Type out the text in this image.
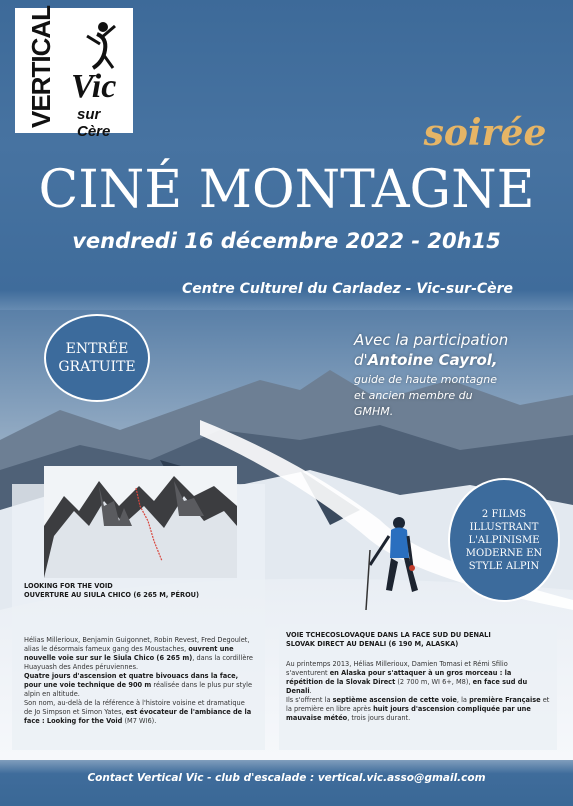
VERTICAL Vic
sur Cère	soirée
CINÉ MONTAGNE
vendredi 16 décembre 2022 - 20h15
Centre Culturel du Carladez - Vic-sur-Cère
ENTRÉE
GRATUITE
Avec la participation
d'Antoine Cayrol,
guide de haute montagne
et ancien membre du
GMHM.
LOOKING FOR THE VOID
OUVERTURE AU SIULA CHICO (6 265 M, PÉROU)
Hélias Millerioux, Benjamin Guigonnet, Robin Revest, Fred Degoulet, alias le désormais fameux gang des Moustaches, ouvrent une nouvelle voie sur sur le Siula Chico (6 265 m), dans la cordillère Huayuash des Andes péruviennes.
Quatre jours d'ascension et quatre bivouacs dans la face, pour une voie technique de 900 m réalisée dans le plus pur style alpin en altitude.
Son nom, au-delà de la référence à l'histoire voisine et dramatique de Jo Simpson et Simon Yates, est évocateur de l'ambiance de la face : Looking for the Void (M7 WI6).
2 FILMS ILLUSTRANT L'ALPINISME MODERNE EN STYLE ALPIN
VOIE TCHECOSLOVAQUE DANS LA FACE SUD DU DENALI
SLOVAK DIRECT AU DENALI (6 190 M, ALASKA)
Au printemps 2013, Hélias Millerioux, Damien Tomasi et Rémi Sfilio s'aventurent en Alaska pour s'attaquer à un gros morceau : la répétition de la Slovak Direct (2 700 m, WI 6+, M8), en face sud du Denali.
Ils s'offrent la septième ascension de cette voie, la première Française et la première en libre après huit jours d'ascension compliquée par une mauvaise météo, trois jours durant.
Contact Vertical Vic - club d'escalade : vertical.vic.asso@gmail.com
